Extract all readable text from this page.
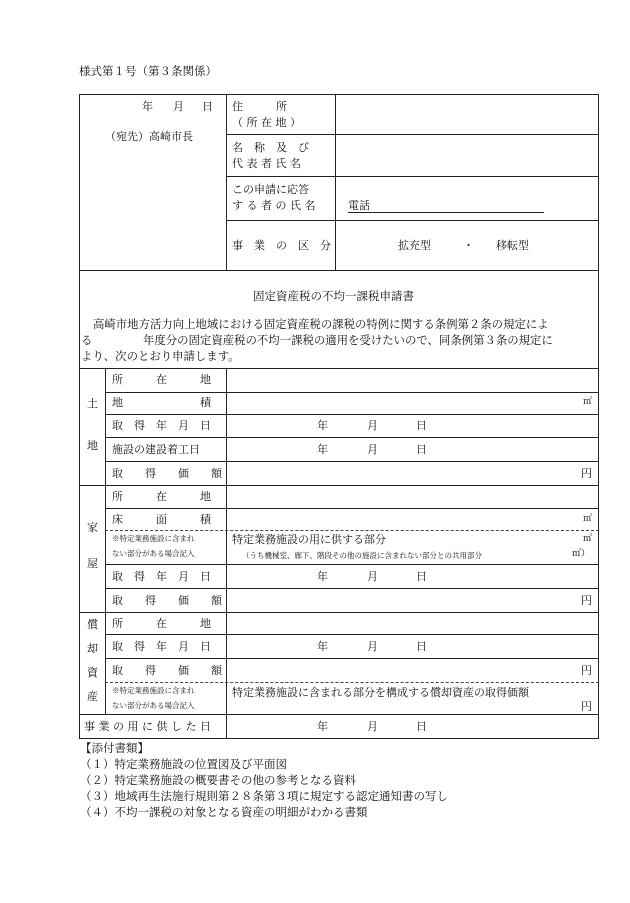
様式第１号（第３条関係）
年 月 日
（宛先）高崎市長
住　　　所
（ 所 在 地 ）
名　称　及　び
代 表 者 氏 名
この申請に応答
す る 者 の 氏 名	電話
事　業　の　区　分	拡充型	・ 移転型
固定資産税の不均一課税申請書
高崎市地方活力向上地域における固定資産税の課税の特例に関する条例第２条の規定によ
る	年度分の固定資産税の不均一課税の適用を受けたいので、同条例第３条の規定に
より、次のとおり申請します。
土
地
所　　　在　　　地
地　　　　　　　積	㎡
取　得　年　月　日	年	月	日
施設の建設着工日	年	月	日
取　　得　　価　　額	円
家
屋
所　　　在　　　地
床　　　面　　　積	㎡
※特定業務施設に含まれ
ない部分がある場合記入
特定業務施設の用に供する部分	㎡
（うち機械室、廊下、階段その他の施設に含まれない部分との共用部分	㎡）
取　得　年　月　日	年	月	日
取　　得　　価　　額	円
償
却
資
産
所　　　在　　　地
取　得　年　月　日	年	月	日
取　　得　　価　　額	円
※特定業務施設に含まれ
ない部分がある場合記入
特定業務施設に含まれる部分を構成する償却資産の取得価額
円
事 業 の 用 に 供 し た 日	年	月	日
【添付書類】
（１）特定業務施設の位置図及び平面図
（２）特定業務施設の概要書その他の参考となる資料
（３）地域再生法施行規則第２８条第３項に規定する認定通知書の写し
（４）不均一課税の対象となる資産の明細がわかる書類
